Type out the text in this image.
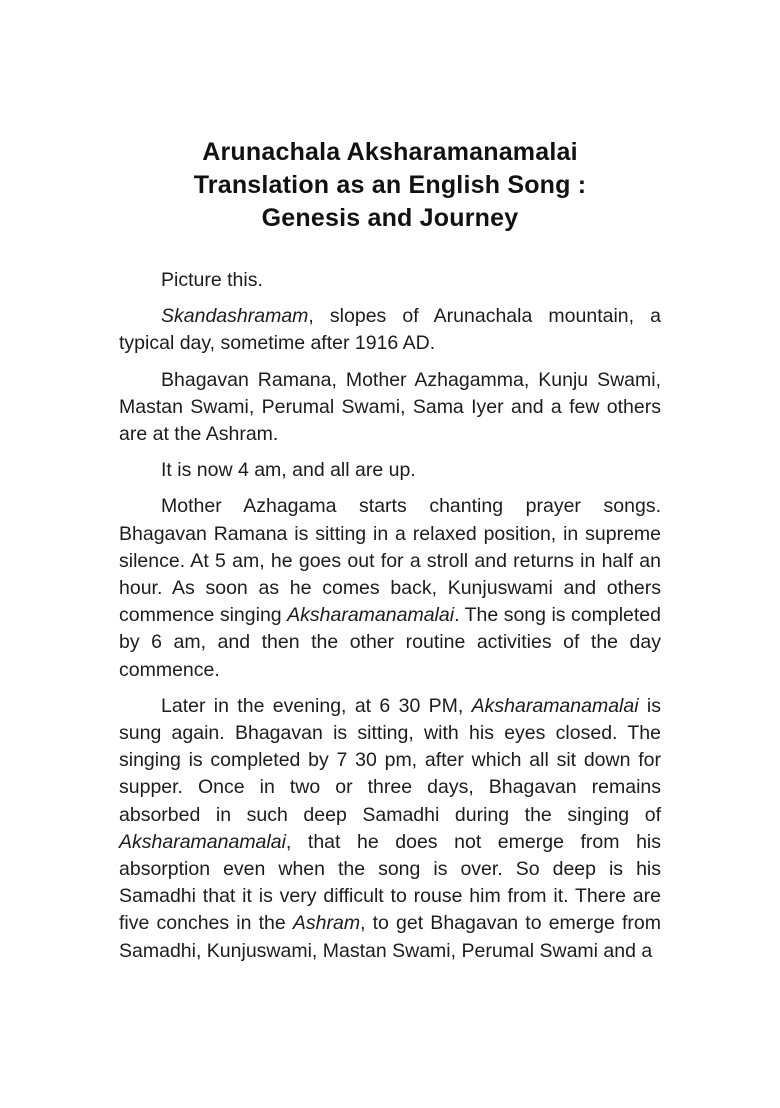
Arunachala Aksharamanamalai
Translation as an English Song :
Genesis and Journey

Picture this.

Skandashramam, slopes of Arunachala mountain, a typical day, sometime after 1916 AD.

Bhagavan Ramana, Mother Azhagamma, Kunju Swami, Mastan Swami, Perumal Swami, Sama Iyer and a few others are at the Ashram.

It is now 4 am, and all are up.

Mother Azhagama starts chanting prayer songs. Bhagavan Ramana is sitting in a relaxed position, in supreme silence. At 5 am, he goes out for a stroll and returns in half an hour. As soon as he comes back, Kunjuswami and others commence singing Aksharamanamalai. The song is completed by 6 am, and then the other routine activities of the day commence.

Later in the evening, at 6 30 PM, Aksharamanamalai is sung again. Bhagavan is sitting, with his eyes closed. The singing is completed by 7 30 pm, after which all sit down for supper. Once in two or three days, Bhagavan remains absorbed in such deep Samadhi during the singing of Aksharamanamalai, that he does not emerge from his absorption even when the song is over. So deep is his Samadhi that it is very difficult to rouse him from it. There are five conches in the Ashram, to get Bhagavan to emerge from Samadhi, Kunjuswami, Mastan Swami, Perumal Swami and a
